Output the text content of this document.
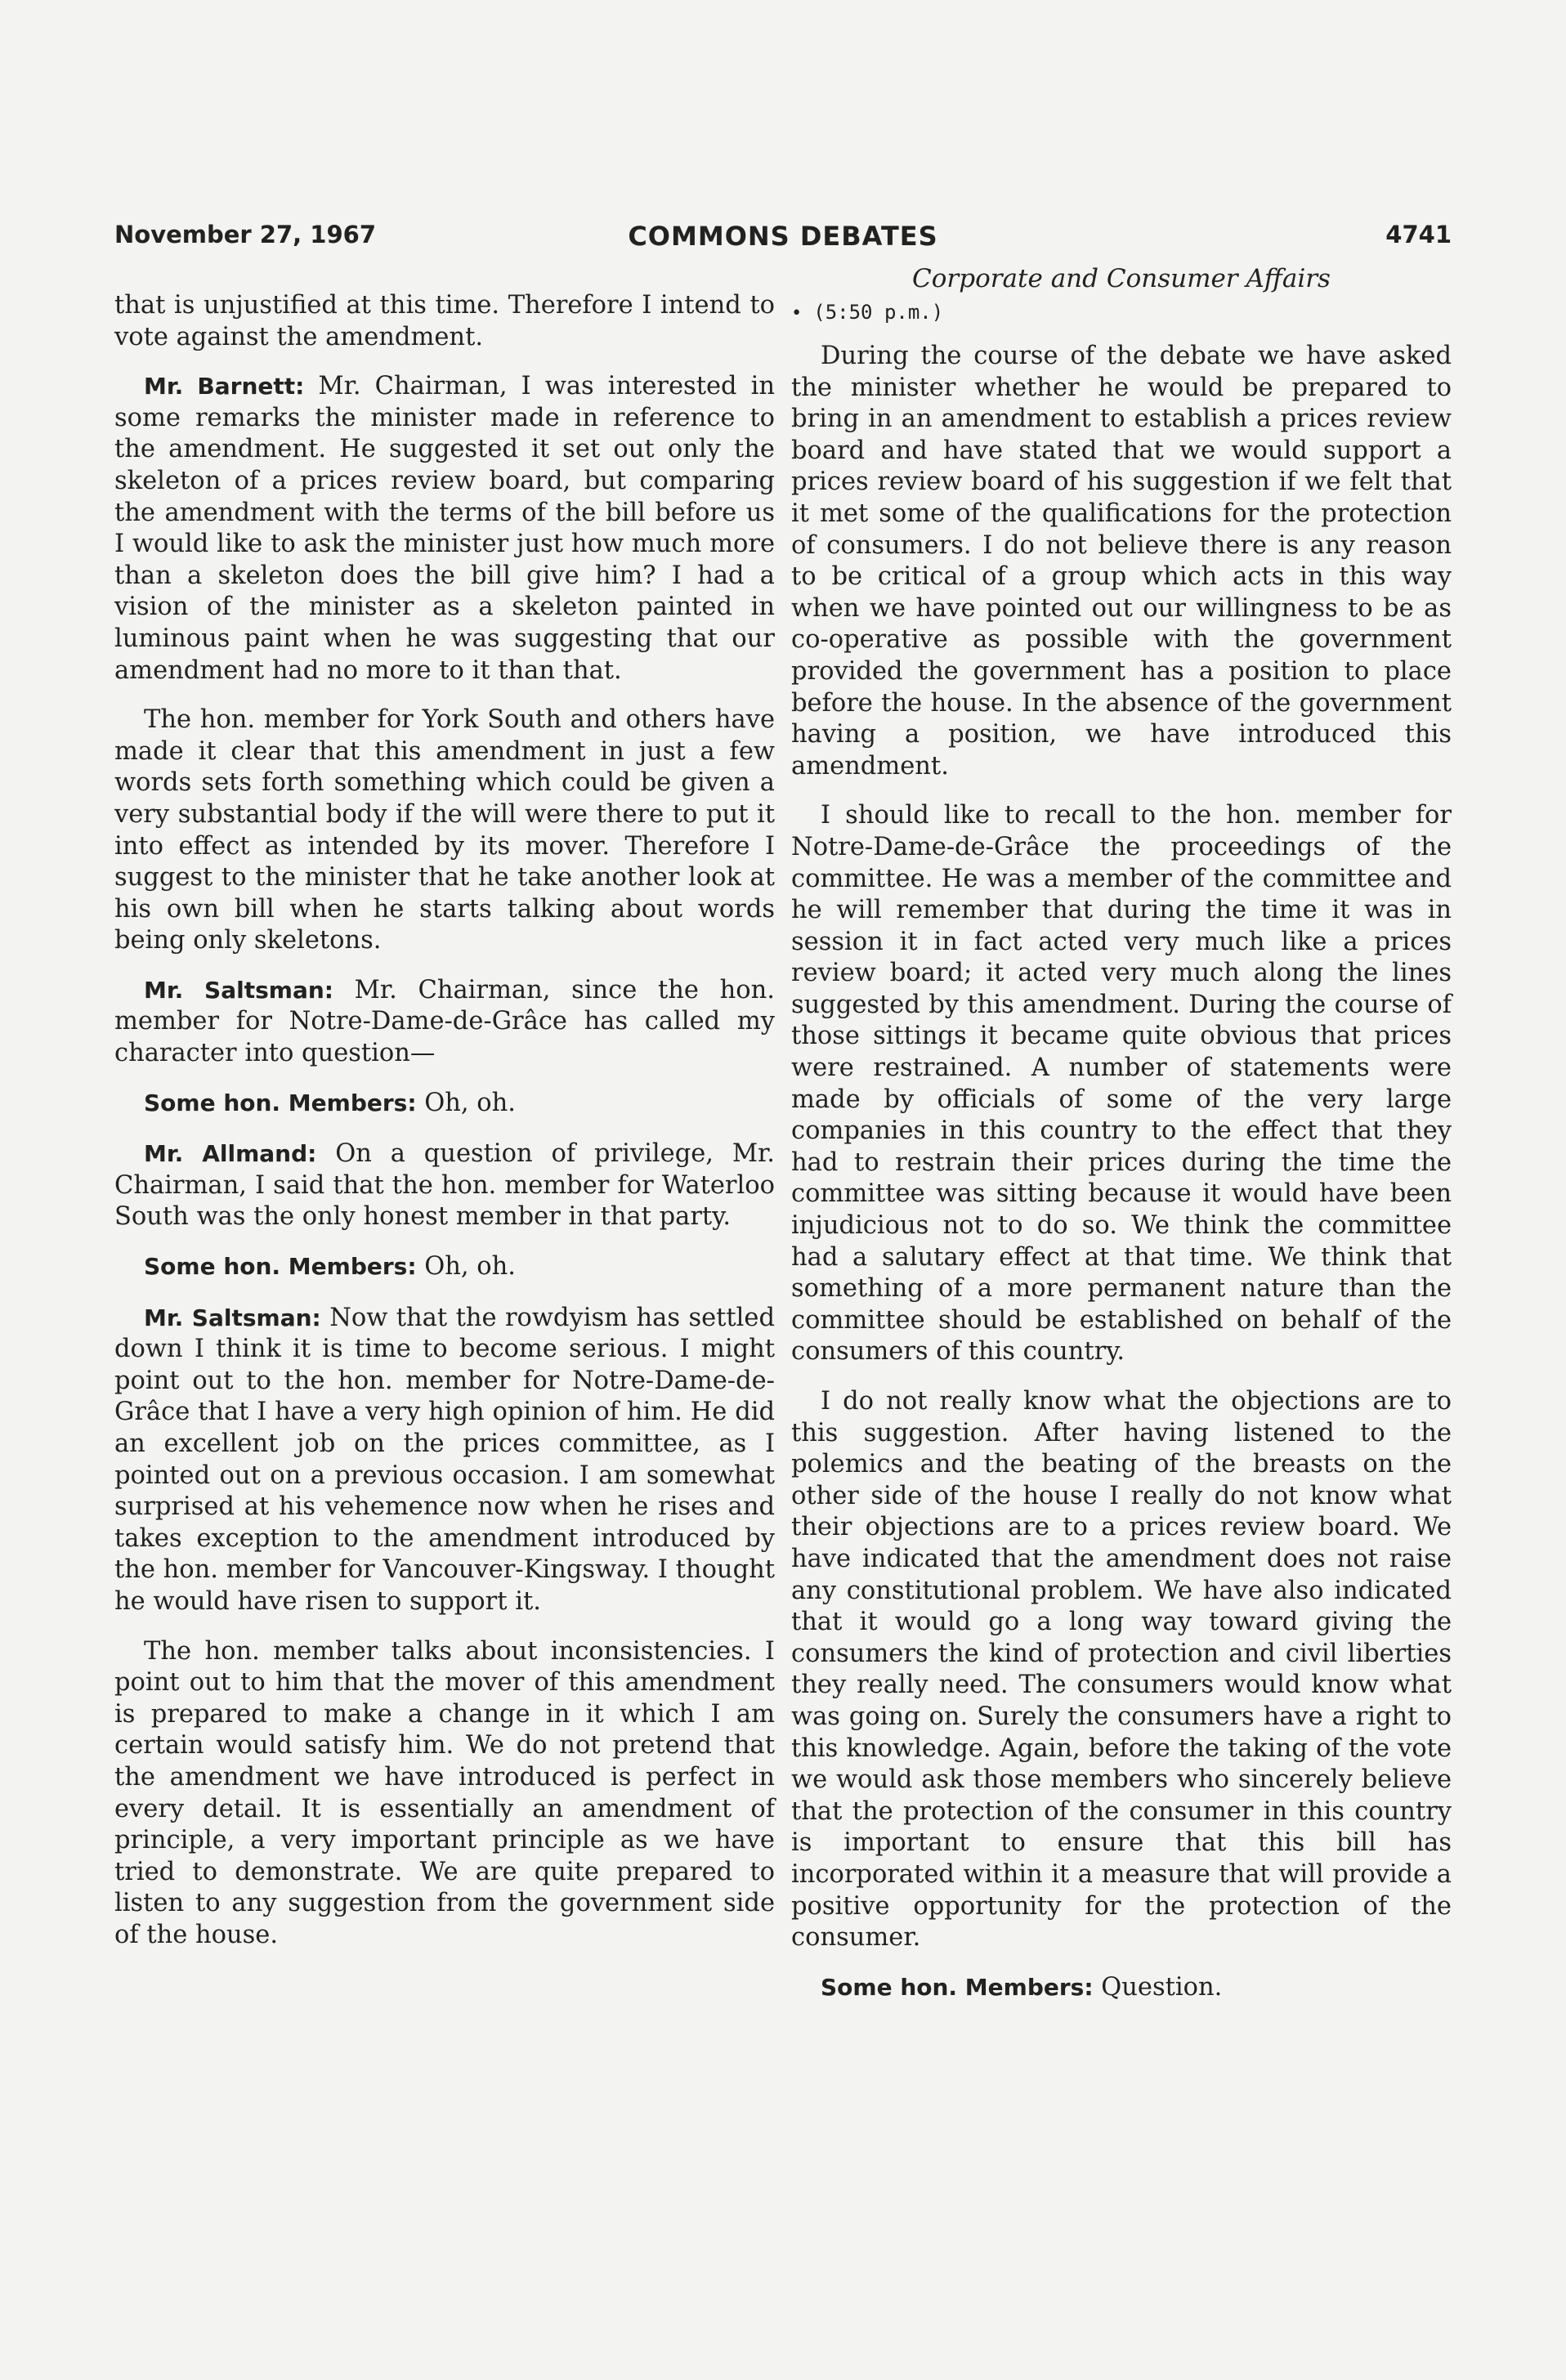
November 27, 1967	COMMONS DEBATES	4741

that is unjustified at this time. Therefore I intend to vote against the amendment.

Mr. Barnett: Mr. Chairman, I was interested in some remarks the minister made in reference to the amendment. He suggested it set out only the skeleton of a prices review board, but comparing the amendment with the terms of the bill before us I would like to ask the minister just how much more than a skeleton does the bill give him? I had a vision of the minister as a skeleton painted in luminous paint when he was suggesting that our amendment had no more to it than that.

The hon. member for York South and others have made it clear that this amendment in just a few words sets forth something which could be given a very substantial body if the will were there to put it into effect as intended by its mover. Therefore I suggest to the minister that he take another look at his own bill when he starts talking about words being only skeletons.

Mr. Saltsman: Mr. Chairman, since the hon. member for Notre-Dame-de-Grâce has called my character into question—

Some hon. Members: Oh, oh.

Mr. Allmand: On a question of privilege, Mr. Chairman, I said that the hon. member for Waterloo South was the only honest member in that party.

Some hon. Members: Oh, oh.

Mr. Saltsman: Now that the rowdyism has settled down I think it is time to become serious. I might point out to the hon. member for Notre-Dame-de-Grâce that I have a very high opinion of him. He did an excellent job on the prices committee, as I pointed out on a previous occasion. I am somewhat surprised at his vehemence now when he rises and takes exception to the amendment introduced by the hon. member for Vancouver-Kingsway. I thought he would have risen to support it.

The hon. member talks about inconsistencies. I point out to him that the mover of this amendment is prepared to make a change in it which I am certain would satisfy him. We do not pretend that the amendment we have introduced is perfect in every detail. It is essentially an amendment of principle, a very important principle as we have tried to demonstrate. We are quite prepared to listen to any suggestion from the government side of the house.

Corporate and Consumer Affairs
• (5:50 p.m.)

During the course of the debate we have asked the minister whether he would be prepared to bring in an amendment to establish a prices review board and have stated that we would support a prices review board of his suggestion if we felt that it met some of the qualifications for the protection of consumers. I do not believe there is any reason to be critical of a group which acts in this way when we have pointed out our willingness to be as co-operative as possible with the government provided the government has a position to place before the house. In the absence of the government having a position, we have introduced this amendment.

I should like to recall to the hon. member for Notre-Dame-de-Grâce the proceedings of the committee. He was a member of the committee and he will remember that during the time it was in session it in fact acted very much like a prices review board; it acted very much along the lines suggested by this amendment. During the course of those sittings it became quite obvious that prices were restrained. A number of statements were made by officials of some of the very large companies in this country to the effect that they had to restrain their prices during the time the committee was sitting because it would have been injudicious not to do so. We think the committee had a salutary effect at that time. We think that something of a more permanent nature than the committee should be established on behalf of the consumers of this country.

I do not really know what the objections are to this suggestion. After having listened to the polemics and the beating of the breasts on the other side of the house I really do not know what their objections are to a prices review board. We have indicated that the amendment does not raise any constitutional problem. We have also indicated that it would go a long way toward giving the consumers the kind of protection and civil liberties they really need. The consumers would know what was going on. Surely the consumers have a right to this knowledge. Again, before the taking of the vote we would ask those members who sincerely believe that the protection of the consumer in this country is important to ensure that this bill has incorporated within it a measure that will provide a positive opportunity for the protection of the consumer.

Some hon. Members: Question.
